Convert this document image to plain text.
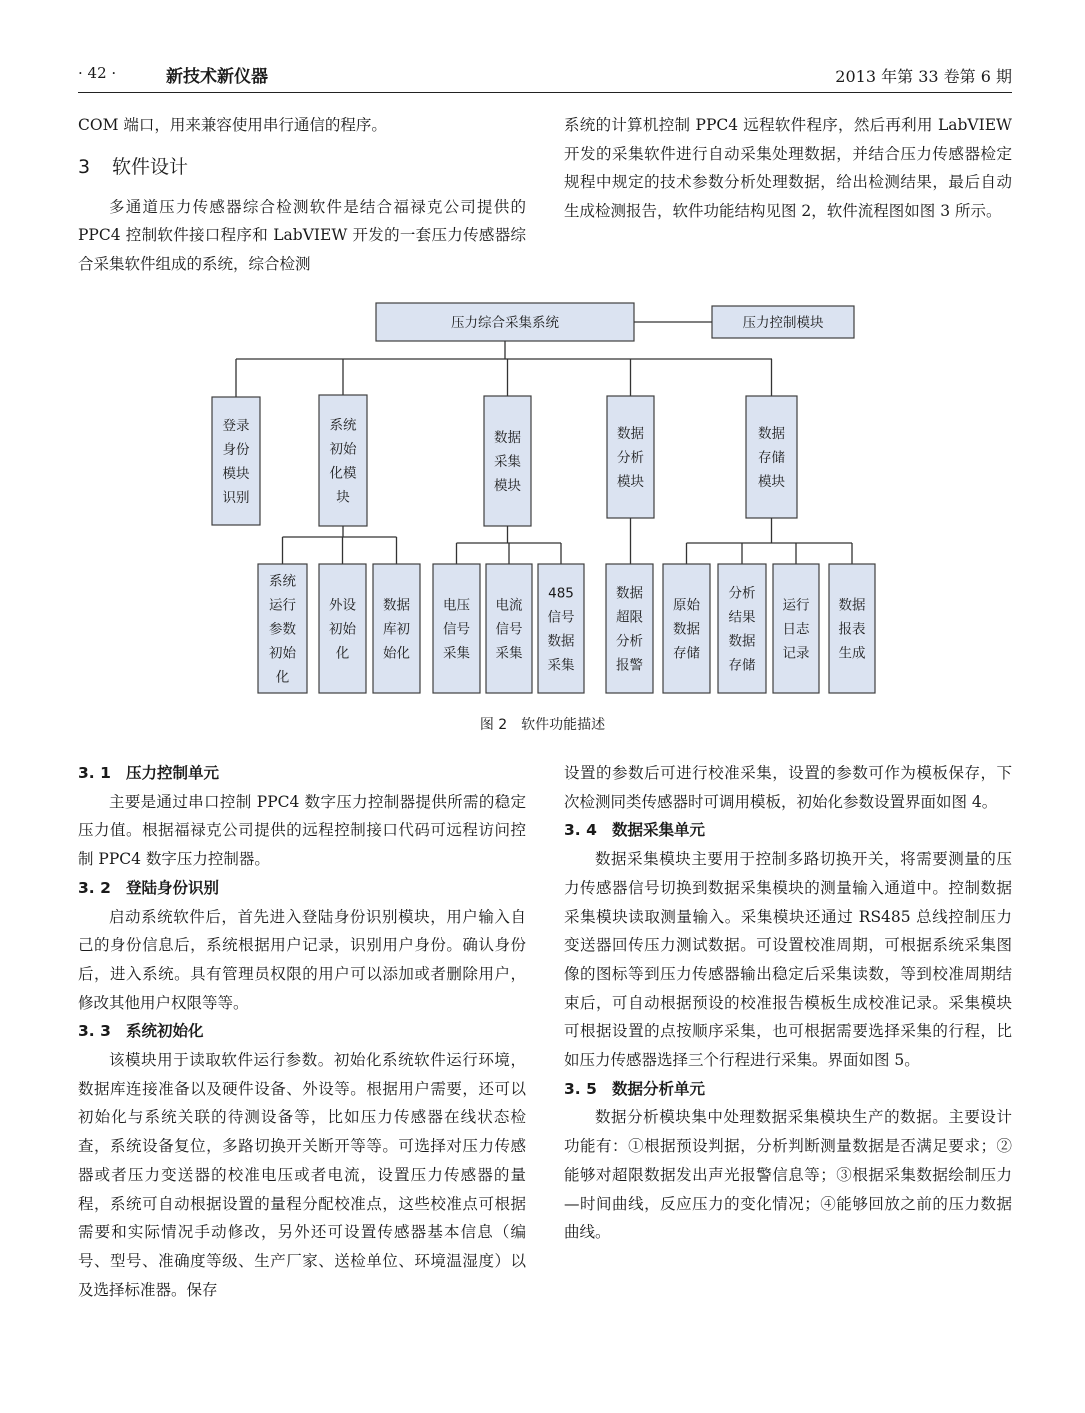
· 42 ·	新技术新仪器	2013 年第 33 卷第 6 期

COM 端口，用来兼容使用串行通信的程序。

3 软件设计

多通道压力传感器综合检测软件是结合福禄克公司提供的 PPC4 控制软件接口程序和 LabVIEW 开发的一套压力传感器综合采集软件组成的系统，综合检测

系统的计算机控制 PPC4 远程软件程序，然后再利用 LabVIEW 开发的采集软件进行自动采集处理数据，并结合压力传感器检定规程中规定的技术参数分析处理数据，给出检测结果，最后自动生成检测报告，软件功能结构见图 2，软件流程图如图 3 所示。

压力综合采集系统	压力控制模块
登录
身份
模块
识别
系统
初始
化模
块
数据
采集
模块
数据
分析
模块
数据
存储
模块
系统
运行
参数
初始
化
外设
初始
化
数据
库初
始化
电压
信号
采集
电流
信号
采集
485
信号
数据
采集
数据
超限
分析
报警
原始
数据
存储
分析
结果
数据
存储
运行
日志
记录
数据
报表
生成
图 2　软件功能描述
3. 1 压力控制单元

主要是通过串口控制 PPC4 数字压力控制器提供所需的稳定压力值。根据福禄克公司提供的远程控制接口代码可远程访问控制 PPC4 数字压力控制器。

3. 2 登陆身份识别

启动系统软件后，首先进入登陆身份识别模块，用户输入自己的身份信息后，系统根据用户记录，识别用户身份。确认身份后，进入系统。具有管理员权限的用户可以添加或者删除用户，修改其他用户权限等等。

3. 3 系统初始化

该模块用于读取软件运行参数。初始化系统软件运行环境，数据库连接准备以及硬件设备、外设等。根据用户需要，还可以初始化与系统关联的待测设备等，比如压力传感器在线状态检查，系统设备复位，多路切换开关断开等等。可选择对压力传感器或者压力变送器的校准电压或者电流，设置压力传感器的量程，系统可自动根据设置的量程分配校准点，这些校准点可根据需要和实际情况手动修改，另外还可设置传感器基本信息（编号、型号、准确度等级、生产厂家、送检单位、环境温湿度）以及选择标准器。保存

设置的参数后可进行校准采集，设置的参数可作为模板保存，下次检测同类传感器时可调用模板，初始化参数设置界面如图 4。

3. 4 数据采集单元

数据采集模块主要用于控制多路切换开关，将需要测量的压力传感器信号切换到数据采集模块的测量输入通道中。控制数据采集模块读取测量输入。采集模块还通过 RS485 总线控制压力变送器回传压力测试数据。可设置校准周期，可根据系统采集图像的图标等到压力传感器输出稳定后采集读数，等到校准周期结束后，可自动根据预设的校准报告模板生成校准记录。采集模块可根据设置的点按顺序采集，也可根据需要选择采集的行程，比如压力传感器选择三个行程进行采集。界面如图 5。

3. 5 数据分析单元

数据分析模块集中处理数据采集模块生产的数据。主要设计功能有：①根据预设判据，分析判断测量数据是否满足要求；②能够对超限数据发出声光报警信息等；③根据采集数据绘制压力—时间曲线，反应压力的变化情况；④能够回放之前的压力数据曲线。
